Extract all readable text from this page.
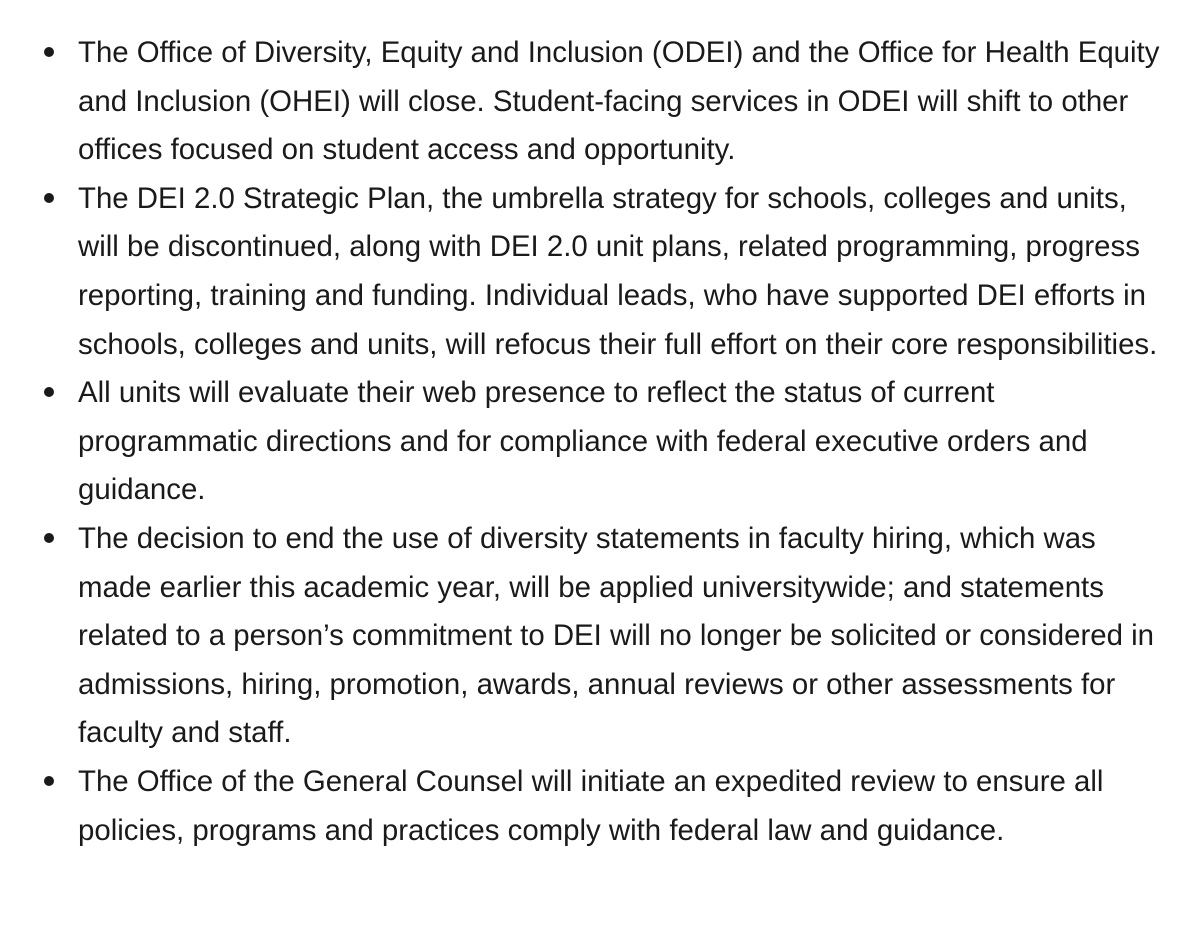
The Office of Diversity, Equity and Inclusion (ODEI) and the Office for Health Equity and Inclusion (OHEI) will close. Student-facing services in ODEI will shift to other offices focused on student access and opportunity.
The DEI 2.0 Strategic Plan, the umbrella strategy for schools, colleges and units, will be discontinued, along with DEI 2.0 unit plans, related programming, progress reporting, training and funding. Individual leads, who have supported DEI efforts in schools, colleges and units, will refocus their full effort on their core responsibilities.
All units will evaluate their web presence to reflect the status of current programmatic directions and for compliance with federal executive orders and guidance.
The decision to end the use of diversity statements in faculty hiring, which was made earlier this academic year, will be applied universitywide; and statements related to a person’s commitment to DEI will no longer be solicited or considered in admissions, hiring, promotion, awards, annual reviews or other assessments for faculty and staff.
The Office of the General Counsel will initiate an expedited review to ensure all policies, programs and practices comply with federal law and guidance.
